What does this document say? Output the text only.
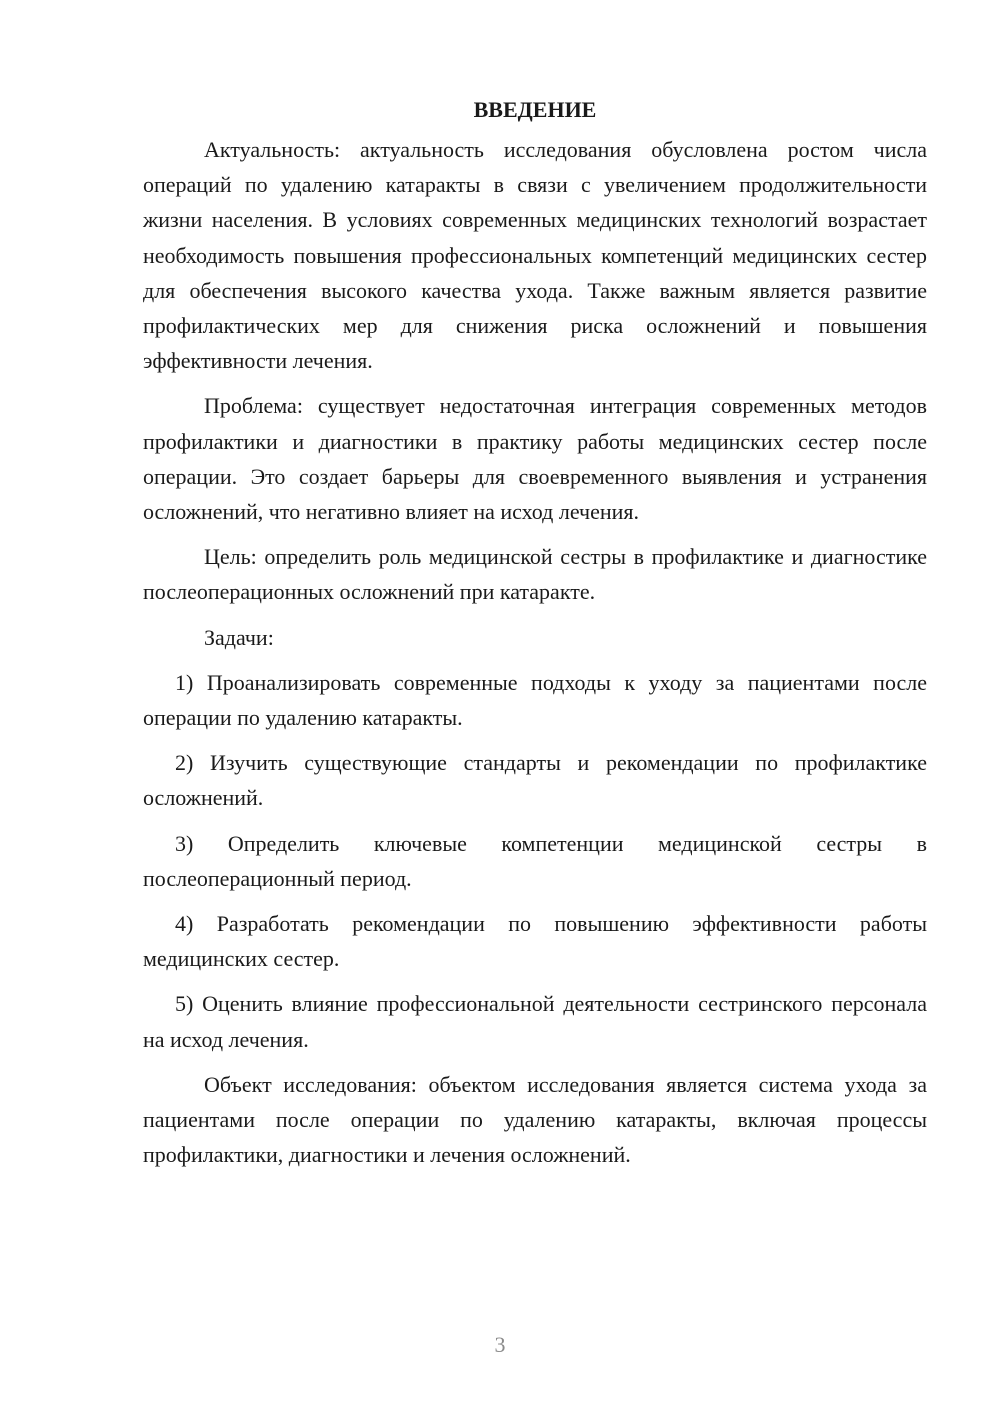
ВВЕДЕНИЕ

Актуальность: актуальность исследования обусловлена ростом числа операций по удалению катаракты в связи с увеличением продолжительности жизни населения. В условиях современных медицинских технологий возрастает необходимость повышения профессиональных компетенций медицинских сестер для обеспечения высокого качества ухода. Также важным является развитие профилактических мер для снижения риска осложнений и повышения эффективности лечения.

Проблема: существует недостаточная интеграция современных методов профилактики и диагностики в практику работы медицинских сестер после операции. Это создает барьеры для своевременного выявления и устранения осложнений, что негативно влияет на исход лечения.

Цель: определить роль медицинской сестры в профилактике и диагностике послеоперационных осложнений при катаракте.

Задачи:

1) Проанализировать современные подходы к уходу за пациентами после операции по удалению катаракты.

2) Изучить существующие стандарты и рекомендации по профилактике осложнений.

3) Определить ключевые компетенции медицинской сестры в послеоперационный период.

4) Разработать рекомендации по повышению эффективности работы медицинских сестер.

5) Оценить влияние профессиональной деятельности сестринского персонала на исход лечения.

Объект исследования: объектом исследования является система ухода за пациентами после операции по удалению катаракты, включая процессы профилактики, диагностики и лечения осложнений.

3
